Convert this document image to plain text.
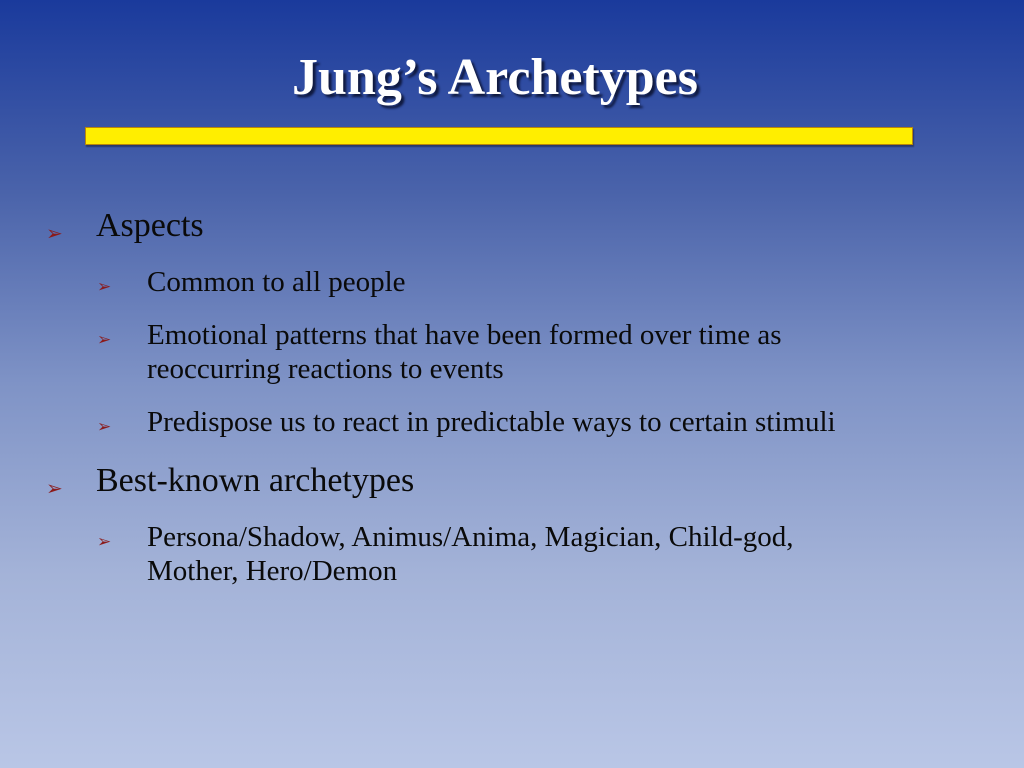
Jung’s Archetypes
➢ Aspects
➢ Common to all people
➢ Emotional patterns that have been formed over time as
reoccurring reactions to events
➢ Predispose us to react in predictable ways to certain stimuli
➢ Best-known archetypes
➢ Persona/Shadow, Animus/Anima, Magician, Child-god,
Mother, Hero/Demon
